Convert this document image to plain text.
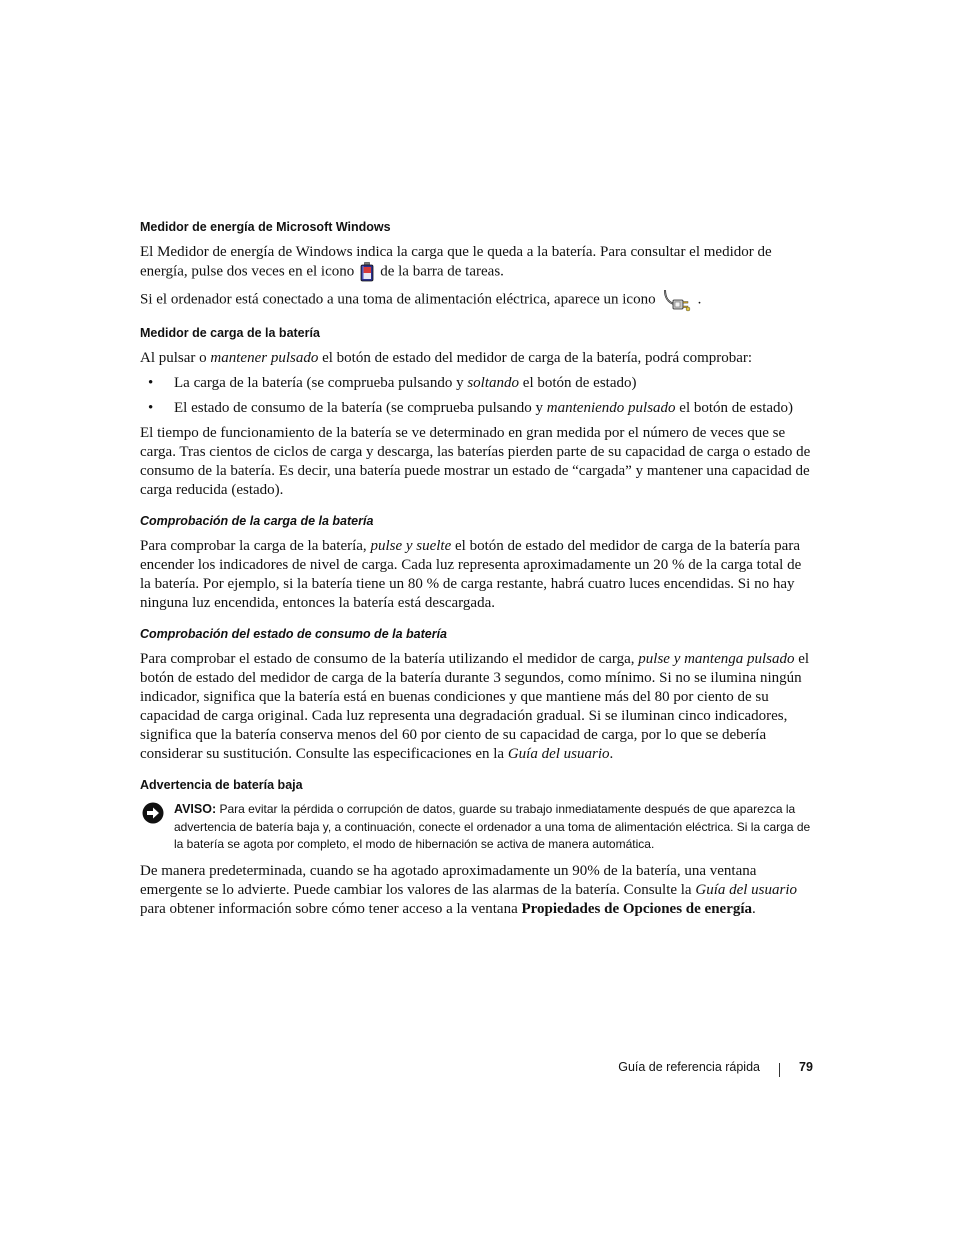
Medidor de energía de Microsoft Windows

El Medidor de energía de Windows indica la carga que le queda a la batería. Para consultar el medidor de energía, pulse dos veces en el icono de la barra de tareas.

Si el ordenador está conectado a una toma de alimentación eléctrica, aparece un icono	.

Medidor de carga de la batería

Al pulsar o mantener pulsado el botón de estado del medidor de carga de la batería, podrá comprobar:

• La carga de la batería (se comprueba pulsando y soltando el botón de estado)
• El estado de consumo de la batería (se comprueba pulsando y manteniendo pulsado el botón de estado)

El tiempo de funcionamiento de la batería se ve determinado en gran medida por el número de veces que se carga. Tras cientos de ciclos de carga y descarga, las baterías pierden parte de su capacidad de carga o estado de consumo de la batería. Es decir, una batería puede mostrar un estado de “cargada” y mantener una capacidad de carga reducida (estado).

Comprobación de la carga de la batería

Para comprobar la carga de la batería, pulse y suelte el botón de estado del medidor de carga de la batería para encender los indicadores de nivel de carga. Cada luz representa aproximadamente un 20 % de la carga total de la batería. Por ejemplo, si la batería tiene un 80 % de carga restante, habrá cuatro luces encendidas. Si no hay ninguna luz encendida, entonces la batería está descargada.

Comprobación del estado de consumo de la batería

Para comprobar el estado de consumo de la batería utilizando el medidor de carga, pulse y mantenga pulsado el botón de estado del medidor de carga de la batería durante 3 segundos, como mínimo. Si no se ilumina ningún indicador, significa que la batería está en buenas condiciones y que mantiene más del 80 por ciento de su capacidad de carga original. Cada luz representa una degradación gradual. Si se iluminan cinco indicadores, significa que la batería conserva menos del 60 por ciento de su capacidad de carga, por lo que se debería considerar su sustitución. Consulte las especificaciones en la Guía del usuario.

Advertencia de batería baja
AVISO: Para evitar la pérdida o corrupción de datos, guarde su trabajo inmediatamente después de que aparezca la advertencia de batería baja y, a continuación, conecte el ordenador a una toma de alimentación eléctrica. Si la carga de la batería se agota por completo, el modo de hibernación se activa de manera automática.

De manera predeterminada, cuando se ha agotado aproximadamente un 90% de la batería, una ventana emergente se lo advierte. Puede cambiar los valores de las alarmas de la batería. Consulte la Guía del usuario para obtener información sobre cómo tener acceso a la ventana Propiedades de Opciones de energía.

Guía de referencia rápida	79
